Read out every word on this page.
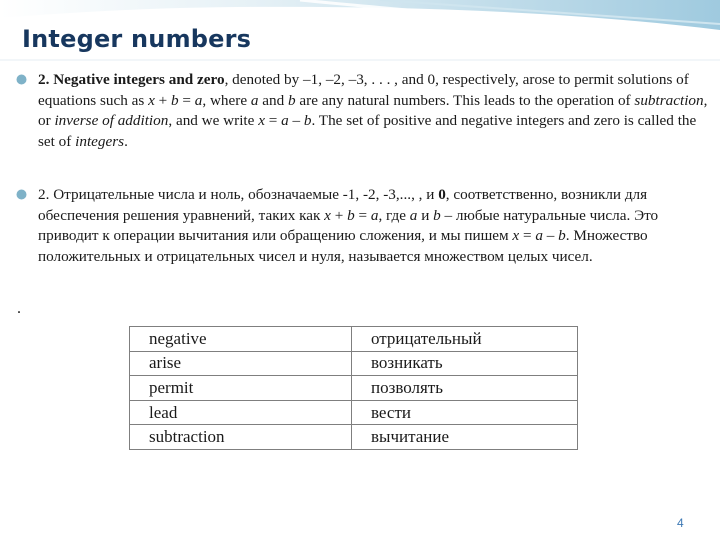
Integer numbers
2. Negative integers and zero, denoted by –1, –2, –3, . . . , and 0, respectively, arose to permit solutions of equations such as x + b = a, where a and b are any natural numbers. This leads to the operation of subtraction, or inverse of addition, and we write x = a – b. The set of positive and negative integers and zero is called the set of integers.
2. Отрицательные числа и ноль, обозначаемые -1, -2, -3,..., , и 0, соответственно, возникли для обеспечения решения уравнений, таких как x + b = a, где a и b – любые натуральные числа. Это приводит к операции вычитания или обращению сложения, и мы пишем x = a – b. Множество положительных и отрицательных чисел и нуля, называется множеством целых чисел.
.
negative	отрицательный
arise	возникать
permit	позволять
lead	вести
subtraction	вычитание
4
